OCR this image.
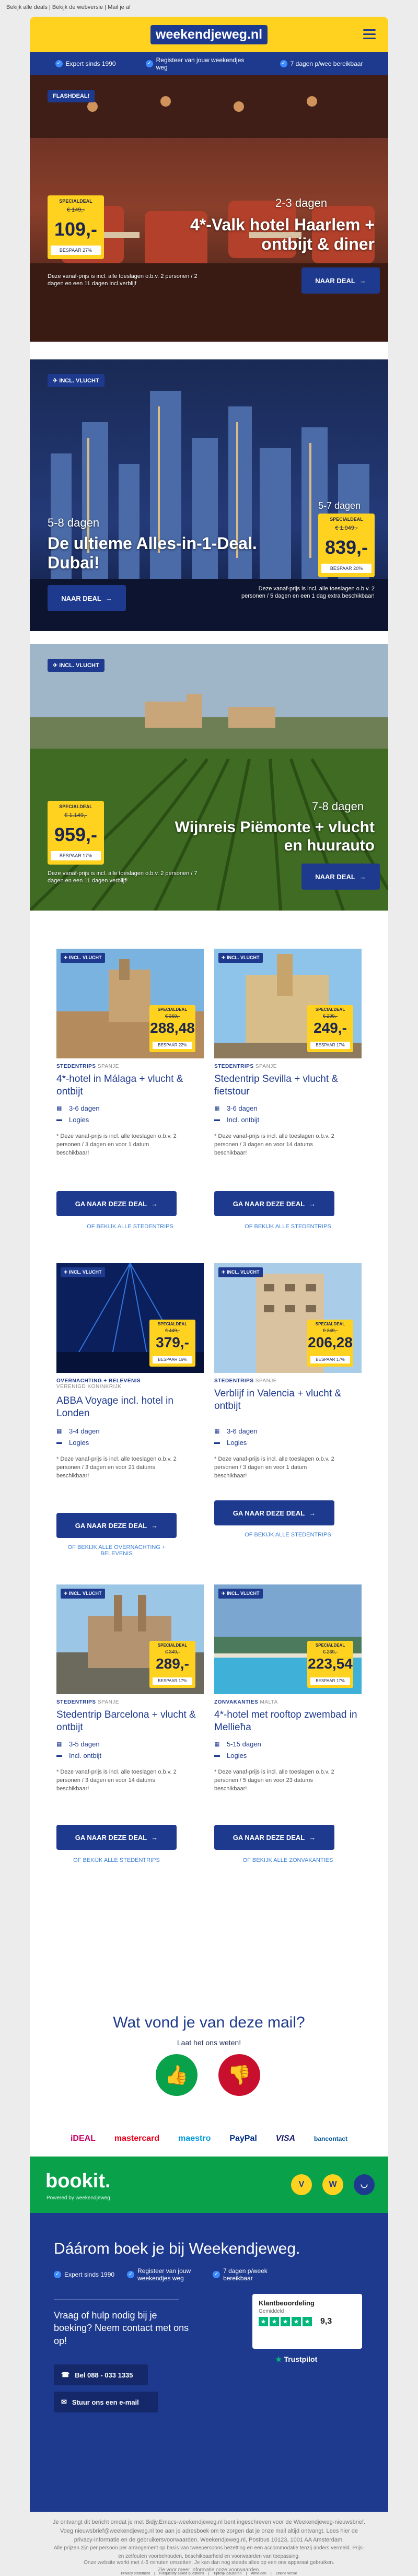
Bekijk alle deals | Bekijk de webversie | Mail je af
weekendjeweg.nl
✓ Expert sinds 1990	✓ Registeer van jouw weekendjes weg
✓ 7 dagen p/wee bereikbaar
FLASHDEAL!
SPECIALDEAL
€ 149,-
109,-
BESPAAR 27%
2-3 dagen
4*-Valk hotel Haarlem + ontbijt & diner
Deze vanaf-prijs is incl. alle toeslagen o.b.v. 2 personen / 2 dagen en een 11 dagen incl.verblijf	NAAR DEAL →
✈ INCL. VLUCHT
SPECIALDEAL
€ 1.049,-
839,-
BESPAAR 20%
5-8 dagen
5-7 dagen
De ultieme Alles-in-1-Deal. Dubai!
NAAR DEAL →
Deze vanaf-prijs is incl. alle toeslagen o.b.v. 2 personen / 5 dagen en een 1 dag extra beschikbaar!
✈ INCL. VLUCHT
SPECIALDEAL
€ 1.149,-
959,-
BESPAAR 17%
7-8 dagen
Wijnreis Piëmonte + vlucht en huurauto
Deze vanaf-prijs is incl. alle toeslagen o.b.v. 2 personen / 7 dagen en een 11 dagen verblijf!
NAAR DEAL →
✈ INCL. VLUCHT
SPECIALDEAL
€ 369,-
288,48
BESPAAR 22%
STEDENTRIPS SPANJE
4*-hotel in Málaga + vlucht & ontbijt
▦ 3-6 dagen
▬ Logies
* Deze vanaf-prijs is incl. alle toeslagen o.b.v. 2 personen / 3 dagen en voor 1 datum beschikbaar!
GA NAAR DEZE DEAL →
OF BEKIJK ALLE STEDENTRIPS
✈ INCL. VLUCHT
SPECIALDEAL
€ 299,-
249,-
BESPAAR 17%
STEDENTRIPS SPANJE
Stedentrip Sevilla + vlucht & fietstour
▦ 3-6 dagen
▬ Incl. ontbijt
* Deze vanaf-prijs is incl. alle toeslagen o.b.v. 2 personen / 3 dagen en voor 14 datums beschikbaar!
GA NAAR DEZE DEAL →
OF BEKIJK ALLE STEDENTRIPS
✈ INCL. VLUCHT
SPECIALDEAL
€ 449,-
379,-
BESPAAR 16%
OVERNACHTING + BELEVENIS
VERENIGD KONINKRIJK
ABBA Voyage incl. hotel in Londen
▦ 3-4 dagen
▬ Logies
* Deze vanaf-prijs is incl. alle toeslagen o.b.v. 2 personen / 3 dagen en voor 21 datums beschikbaar!
GA NAAR DEZE DEAL →
OF BEKIJK ALLE OVERNACHTING + BELEVENIS
✈ INCL. VLUCHT
SPECIALDEAL
€ 249,-
206,28
BESPAAR 17%
STEDENTRIPS SPANJE
Verblijf in Valencia + vlucht & ontbijt
▦ 3-6 dagen
▬ Logies
* Deze vanaf-prijs is incl. alle toeslagen o.b.v. 2 personen / 3 dagen en voor 1 datum beschikbaar!
GA NAAR DEZE DEAL →
OF BEKIJK ALLE STEDENTRIPS
✈ INCL. VLUCHT
SPECIALDEAL
€ 349,-
289,-
BESPAAR 17%
STEDENTRIPS SPANJE
Stedentrip Barcelona + vlucht & ontbijt
▦ 3-5 dagen
▬ Incl. ontbijt
* Deze vanaf-prijs is incl. alle toeslagen o.b.v. 2 personen / 3 dagen en voor 14 datums beschikbaar!
GA NAAR DEZE DEAL →
OF BEKIJK ALLE STEDENTRIPS
✈ INCL. VLUCHT
SPECIALDEAL
€ 269,-
223,54
BESPAAR 17%
ZONVAKANTIES MALTA
4*-hotel met rooftop zwembad in Mellieħa
▦ 5-15 dagen
▬ Logies
* Deze vanaf-prijs is incl. alle toeslagen o.b.v. 2 personen / 5 dagen en voor 23 datums beschikbaar!
GA NAAR DEZE DEAL →
OF BEKIJK ALLE ZONVAKANTIES
Wat vond je van deze mail?
Laat het ons weten!
👍	👎
iDEAL mastercard maestro PayPal VISA	bancontact
bookit.
Powered by weekendjeweg
V	W	◡
Dáárom boek je bij Weekendjeweg.
✓ Expert sinds 1990	✓ Registeer van jouw weekendjes weg
✓ 7 dagen p/week bereikbaar
Vraag of hulp nodig bij je boeking? Neem contact met ons op!
☎ Bel 088 - 033 1335
✉ Stuur ons een e-mail
Klantbeoordeling
Gemiddeld
★ ★ ★ ★ ★ 9,3
★ Trustpilot
Je ontvangt dit bericht omdat je met Bidjy.Emacs-weekendjeweg.nl bent ingeschreven voor de Weekendjeweg-nieuwsbrief. Voeg nieuwsbrief@weekendjeweg.nl toe aan je adresboek om te zorgen dat je onze mail altijd ontvangt. Lees hier de privacy-informatie en de gebruikersvoorwaarden. Weekendjeweg.nl, Postbus 10123, 1001 AA Amsterdam.
Alle prijzen zijn per persoon per arrangement op basis van tweepersoons bezetting en een accommodatie tenzij anders vermeld. Prijs- en zetfouten voorbehouden, beschikbaarheid en voorwaarden van toepassing.
Onze website werkt met 4-5 minuten omzetten. Je kan dan nog steeds alles op een ons apparaat gebruiken.
Zie voor meer informatie onze voorwaarden.
Privacy statement | Frequently asked questions | Tijdelijk pauzeren | Afmelden | Online versie
